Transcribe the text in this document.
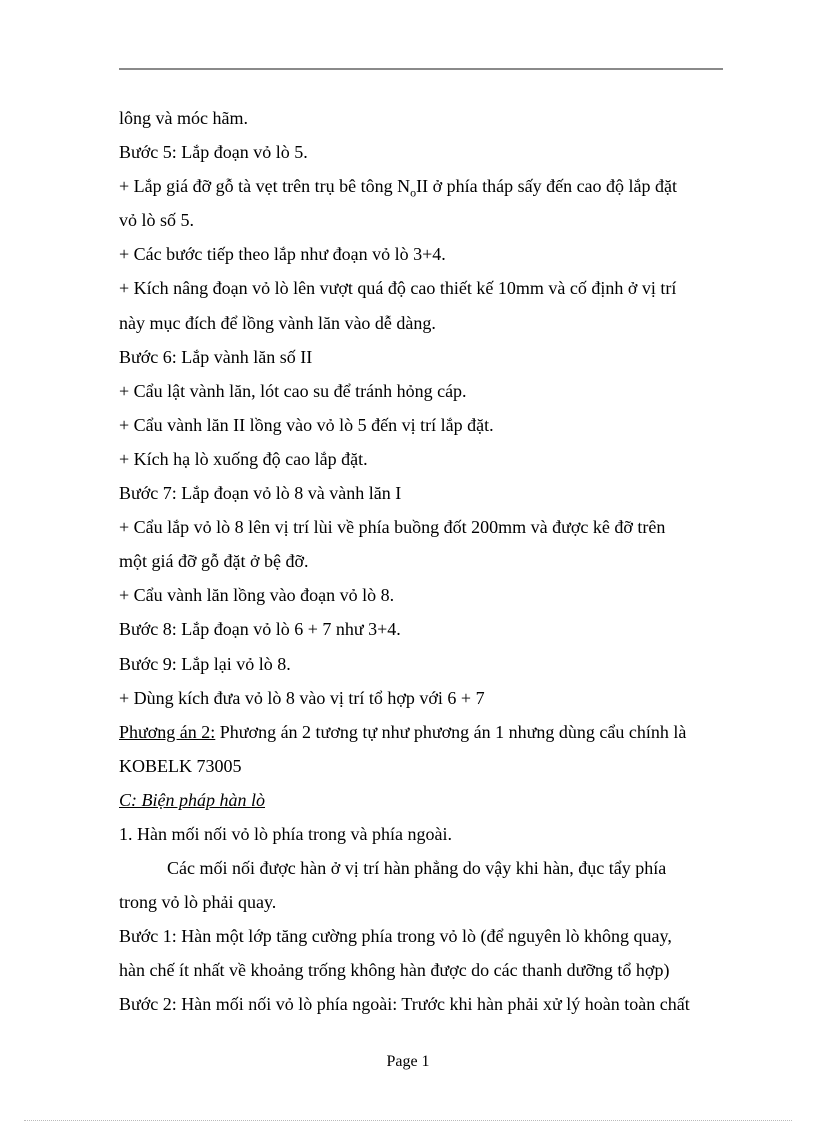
lông và móc hãm.
Bước 5: Lắp đoạn vỏ lò 5.
+ Lắp giá đỡ gỗ tà vẹt trên trụ bê tông $N_oII$ ở phía tháp sấy đến cao độ lắp đặt
vỏ lò số 5.
+ Các bước tiếp theo lắp như đoạn vỏ lò 3+4.
+ Kích nâng đoạn vỏ lò lên vượt quá độ cao thiết kế 10mm và cố định ở vị trí
này mục đích để lồng vành lăn vào dễ dàng.
Bước 6: Lắp vành lăn số II
+ Cẩu lật vành lăn, lót cao su để tránh hỏng cáp.
+ Cẩu vành lăn II lồng vào vỏ lò 5 đến vị trí lắp đặt.
+ Kích hạ lò xuống độ cao lắp đặt.
Bước 7: Lắp đoạn vỏ lò 8 và vành lăn I
+ Cẩu lắp vỏ lò 8 lên vị trí lùi về phía buồng đốt 200mm và được kê đỡ trên
một giá đỡ gỗ đặt ở bệ đỡ.
+ Cẩu vành lăn lồng vào đoạn vỏ lò 8.
Bước 8: Lắp đoạn vỏ lò 6 + 7 như 3+4.
Bước 9: Lắp lại vỏ lò 8.
+ Dùng kích đưa vỏ lò 8 vào vị trí tổ hợp với 6 + 7
Phương án 2: Phương án 2 tương tự như phương án 1 nhưng dùng cẩu chính là
KOBELK 73005
C: Biện pháp hàn lò
1. Hàn mối nối vỏ lò phía trong và phía ngoài.
Các mối nối được hàn ở vị trí hàn phẳng do vậy khi hàn, đục tẩy phía
trong vỏ lò phải quay.
Bước 1: Hàn một lớp tăng cường phía trong vỏ lò (để nguyên lò không quay,
hàn chế ít nhất về khoảng trống không hàn được do các thanh dưỡng tổ hợp)
Bước 2: Hàn mối nối vỏ lò phía ngoài: Trước khi hàn phải xử lý hoàn toàn chất
Page 1
